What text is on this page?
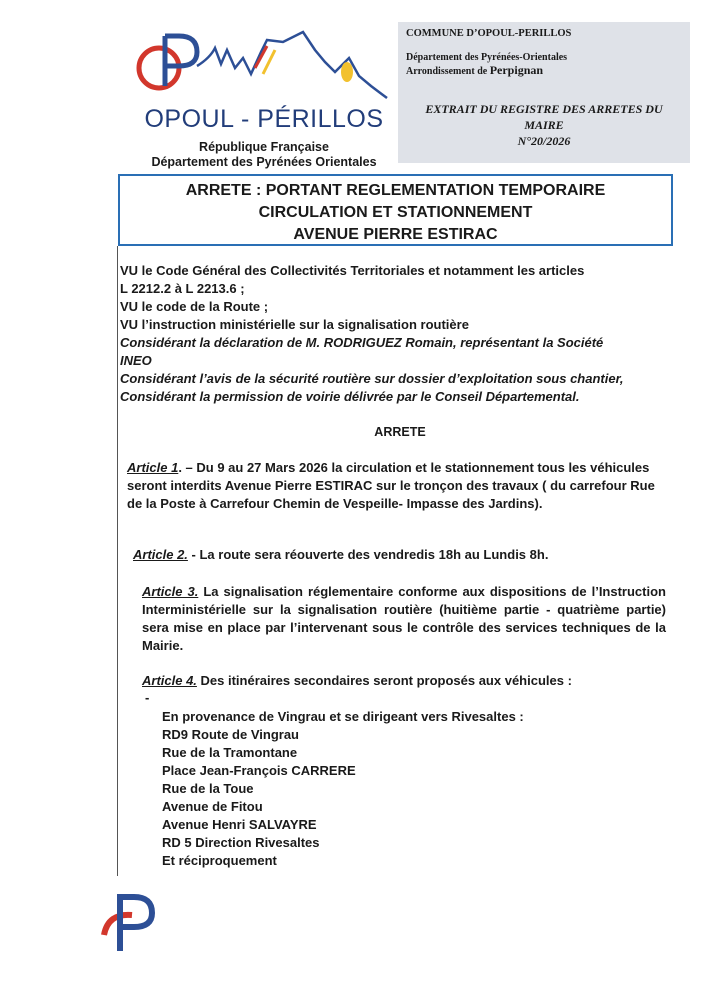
OPOUL - PÉRILLOS
République Française
Département des Pyrénées Orientales
COMMUNE D’OPOUL-PERILLOS
Département des Pyrénées-Orientales
Arrondissement de Perpignan
EXTRAIT DU REGISTRE DES ARRETES DU MAIRE
N°20/2026
ARRETE : PORTANT REGLEMENTATION TEMPORAIRE
CIRCULATION ET STATIONNEMENT
AVENUE PIERRE ESTIRAC
VU le Code Général des Collectivités Territoriales et notamment les articles
L 2212.2 à L 2213.6 ;
VU le code de la Route ;
VU l’instruction ministérielle sur la signalisation routière
Considérant la déclaration de M. RODRIGUEZ Romain, représentant la Société
INEO
Considérant l’avis de la sécurité routière sur dossier d’exploitation sous chantier,
Considérant la permission de voirie délivrée par le Conseil Départemental.
ARRETE
Article 1. – Du 9 au 27 Mars 2026 la circulation et le stationnement tous les véhicules seront interdits Avenue Pierre ESTIRAC sur le tronçon des travaux ( du carrefour Rue de la Poste à Carrefour Chemin de Vespeille- Impasse des Jardins).
Article 2. - La route sera réouverte des vendredis 18h au Lundis 8h.
Article 3. La signalisation réglementaire conforme aux dispositions de l’Instruction Interministérielle sur la signalisation routière (huitième partie - quatrième partie) sera mise en place par l’intervenant sous le contrôle des services techniques de la Mairie.
Article 4. Des itinéraires secondaires seront proposés aux véhicules :
-
En provenance de Vingrau et se dirigeant vers Rivesaltes :
RD9 Route de Vingrau
Rue de la Tramontane
Place Jean-François CARRERE
Rue de la Toue
Avenue de Fitou
Avenue Henri SALVAYRE
RD 5 Direction Rivesaltes
Et réciproquement
